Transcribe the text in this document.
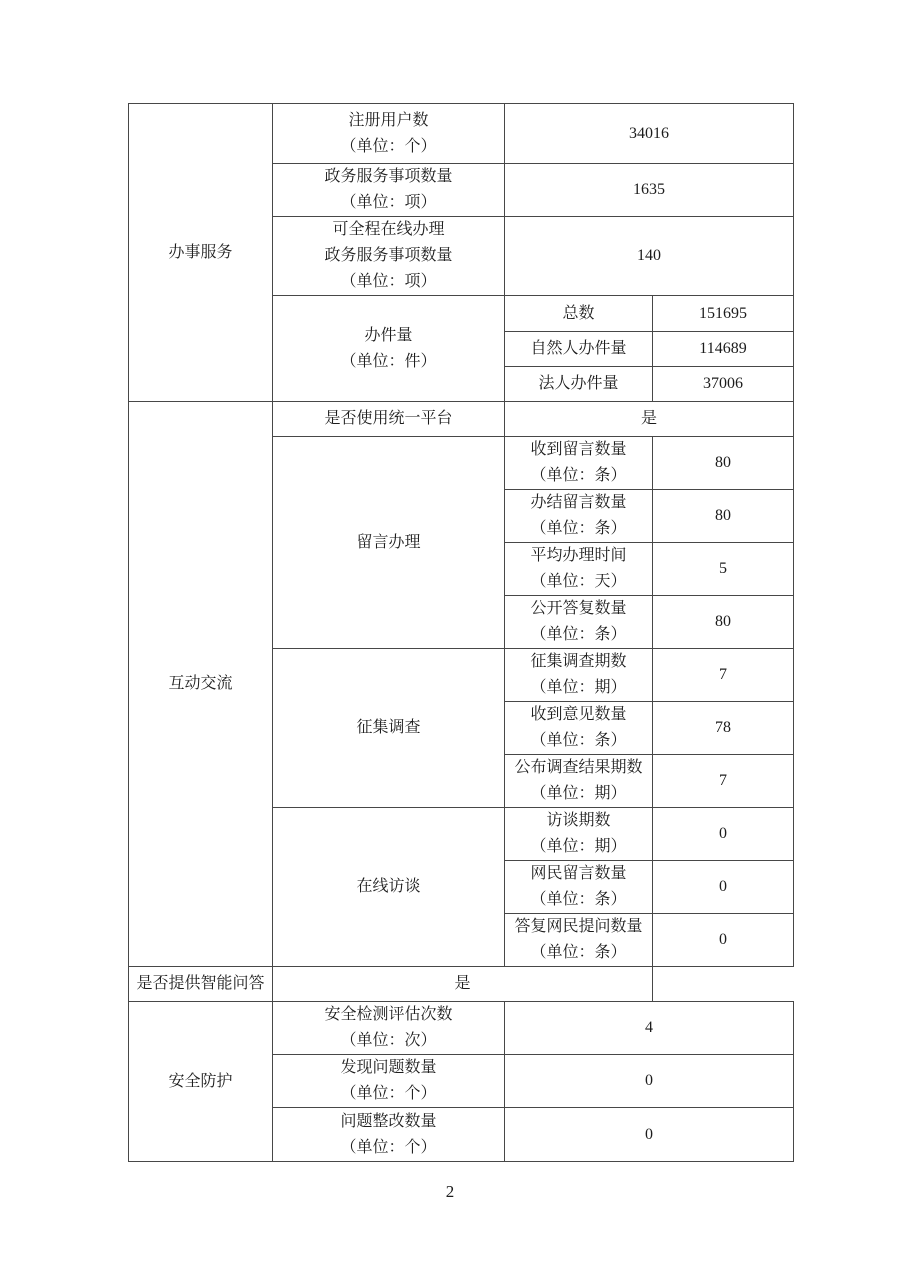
办事服务	注册用户数
（单位：个）	34016	

	政务服务事项数量
（单位：项）	1635	

	可全程在线办理
政务服务事项数量
（单位：项）	140	

	办件量
（单位：件）	总数	151695
		自然人办件量	114689
		法人办件量	37006
互动交流	是否使用统一平台	是	
	留言办理	收到留言数量
（单位：条）	80

		办结留言数量
（单位：条）	80

		平均办理时间
（单位：天）	5

		公开答复数量
（单位：条）	80
	征集调查	征集调查期数
（单位：期）	7

		收到意见数量
（单位：条）	78

		公布调查结果期数
（单位：期）	7
	在线访谈	访谈期数
（单位：期）	0

		网民留言数量
（单位：条）	0

		答复网民提问数量
（单位：条）	0
是否提供智能问答	是		
安全防护	安全检测评估次数
（单位：次）	4	

	发现问题数量
（单位：个）	0	

	问题整改数量
（单位：个）	0	
2
